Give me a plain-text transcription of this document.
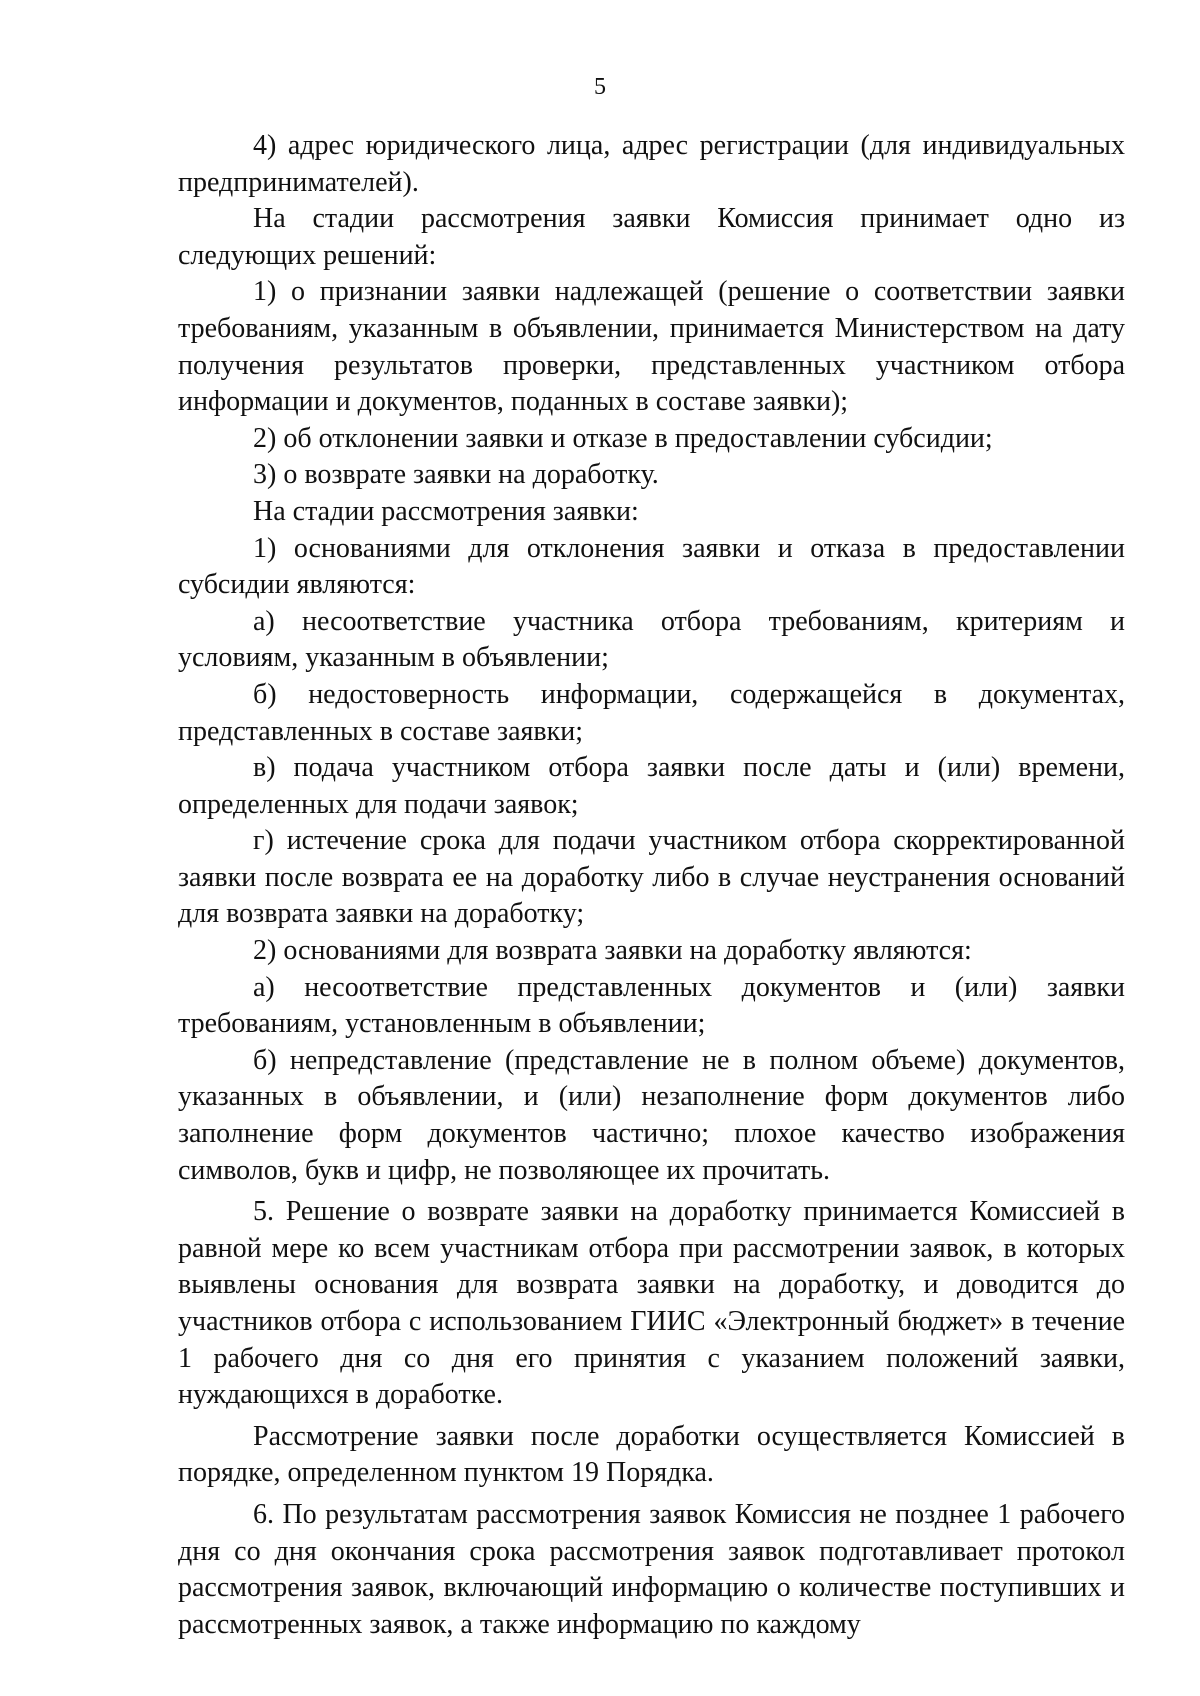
5

4) адрес юридического лица, адрес регистрации (для индивидуальных предпринимателей).

На стадии рассмотрения заявки Комиссия принимает одно из следующих решений:

1) о признании заявки надлежащей (решение о соответствии заявки требованиям, указанным в объявлении, принимается Министерством на дату получения результатов проверки, представленных участником отбора информации и документов, поданных в составе заявки);

2) об отклонении заявки и отказе в предоставлении субсидии;

3) о возврате заявки на доработку.

На стадии рассмотрения заявки:

1) основаниями для отклонения заявки и отказа в предоставлении субсидии являются:

а) несоответствие участника отбора требованиям, критериям и условиям, указанным в объявлении;

б) недостоверность информации, содержащейся в документах, представленных в составе заявки;

в) подача участником отбора заявки после даты и (или) времени, определенных для подачи заявок;

г) истечение срока для подачи участником отбора скорректированной заявки после возврата ее на доработку либо в случае неустранения оснований для возврата заявки на доработку;

2) основаниями для возврата заявки на доработку являются:

а) несоответствие представленных документов и (или) заявки требованиям, установленным в объявлении;

б) непредставление (представление не в полном объеме) документов, указанных в объявлении, и (или) незаполнение форм документов либо заполнение форм документов частично; плохое качество изображения символов, букв и цифр, не позволяющее их прочитать.

5. Решение о возврате заявки на доработку принимается Комиссией в равной мере ко всем участникам отбора при рассмотрении заявок, в которых выявлены основания для возврата заявки на доработку, и доводится до участников отбора с использованием ГИИС «Электронный бюджет» в течение 1 рабочего дня со дня его принятия с указанием положений заявки, нуждающихся в доработке.

Рассмотрение заявки после доработки осуществляется Комиссией в порядке, определенном пунктом 19 Порядка.

6. По результатам рассмотрения заявок Комиссия не позднее 1 рабочего дня со дня окончания срока рассмотрения заявок подготавливает протокол рассмотрения заявок, включающий информацию о количестве поступивших и рассмотренных заявок, а также информацию по каждому
